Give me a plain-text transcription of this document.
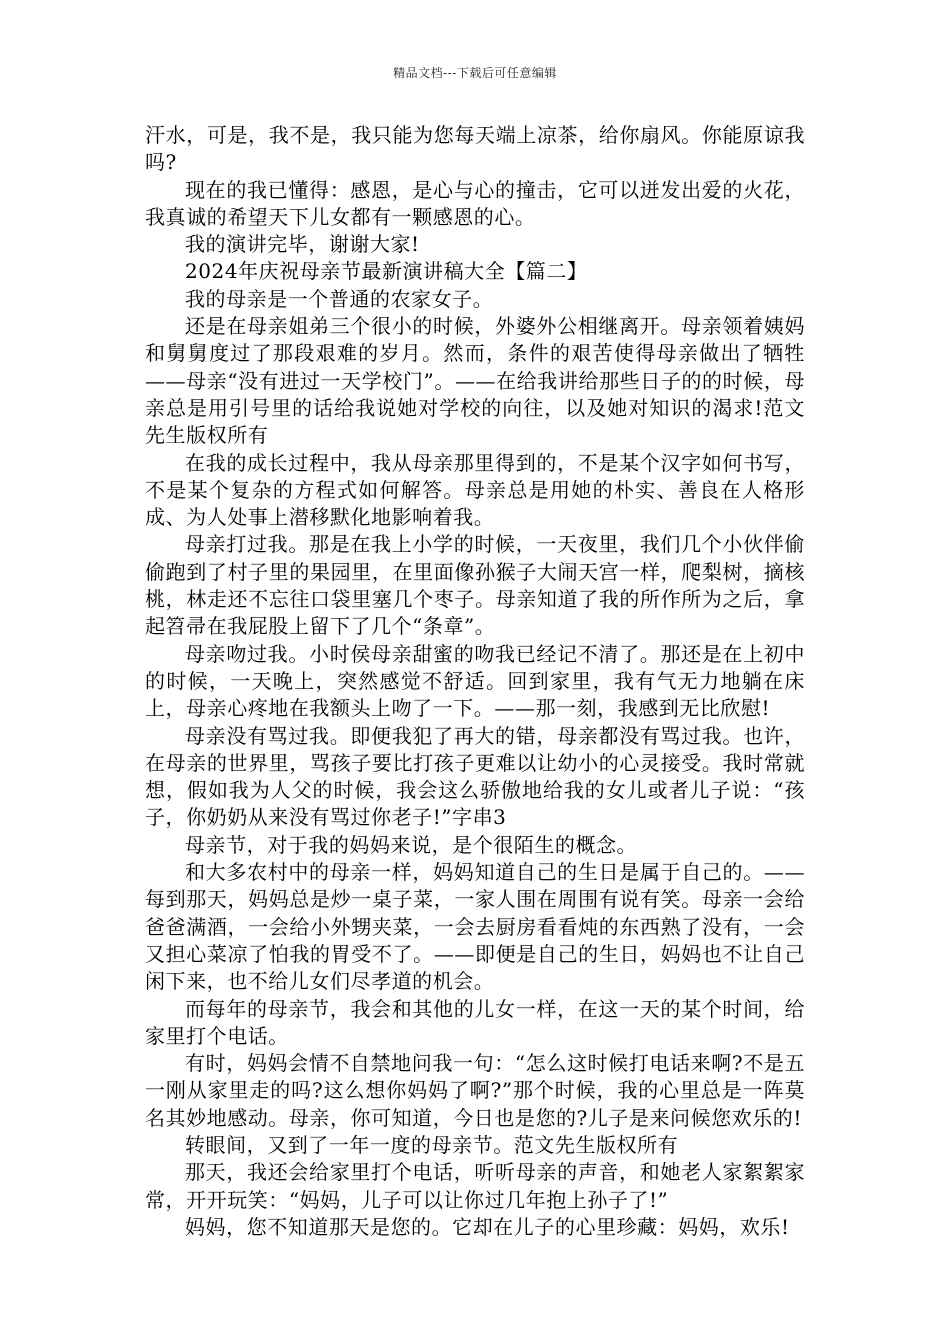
精品文档---下载后可任意编辑

汗水，可是，我不是，我只能为您每天端上凉茶，给你扇风。你能原谅我吗?

现在的我已懂得：感恩，是心与心的撞击，它可以迸发出爱的火花，我真诚的希望天下儿女都有一颗感恩的心。

我的演讲完毕，谢谢大家!

2024年庆祝母亲节最新演讲稿大全【篇二】

我的母亲是一个普通的农家女子。

还是在母亲姐弟三个很小的时候，外婆外公相继离开。母亲领着姨妈和舅舅度过了那段艰难的岁月。然而，条件的艰苦使得母亲做出了牺牲——母亲“没有进过一天学校门”。——在给我讲给那些日子的的时候，母亲总是用引号里的话给我说她对学校的向往，以及她对知识的渴求!范文先生版权所有

在我的成长过程中，我从母亲那里得到的，不是某个汉字如何书写，不是某个复杂的方程式如何解答。母亲总是用她的朴实、善良在人格形成、为人处事上潜移默化地影响着我。

母亲打过我。那是在我上小学的时候，一天夜里，我们几个小伙伴偷偷跑到了村子里的果园里，在里面像孙猴子大闹天宫一样，爬梨树，摘核桃，林走还不忘往口袋里塞几个枣子。母亲知道了我的所作所为之后，拿起笤帚在我屁股上留下了几个“条章”。

母亲吻过我。小时侯母亲甜蜜的吻我已经记不清了。那还是在上初中的时候，一天晚上，突然感觉不舒适。回到家里，我有气无力地躺在床上，母亲心疼地在我额头上吻了一下。——那一刻，我感到无比欣慰!

母亲没有骂过我。即便我犯了再大的错，母亲都没有骂过我。也许，在母亲的世界里，骂孩子要比打孩子更难以让幼小的心灵接受。我时常就想，假如我为人父的时候，我会这么骄傲地给我的女儿或者儿子说：“孩子，你奶奶从来没有骂过你老子!”字串3

母亲节，对于我的妈妈来说，是个很陌生的概念。

和大多农村中的母亲一样，妈妈知道自己的生日是属于自己的。——每到那天，妈妈总是炒一桌子菜，一家人围在周围有说有笑。母亲一会给爸爸满酒，一会给小外甥夹菜，一会去厨房看看炖的东西熟了没有，一会又担心菜凉了怕我的胃受不了。——即便是自己的生日，妈妈也不让自己闲下来，也不给儿女们尽孝道的机会。

而每年的母亲节，我会和其他的儿女一样，在这一天的某个时间，给家里打个电话。

有时，妈妈会情不自禁地问我一句：“怎么这时候打电话来啊?不是五一刚从家里走的吗?这么想你妈妈了啊?”那个时候，我的心里总是一阵莫名其妙地感动。母亲，你可知道，今日也是您的?儿子是来问候您欢乐的!

转眼间，又到了一年一度的母亲节。范文先生版权所有

那天，我还会给家里打个电话，听听母亲的声音，和她老人家絮絮家常，开开玩笑：“妈妈，儿子可以让你过几年抱上孙子了!”

妈妈，您不知道那天是您的。它却在儿子的心里珍藏：妈妈，欢乐!
